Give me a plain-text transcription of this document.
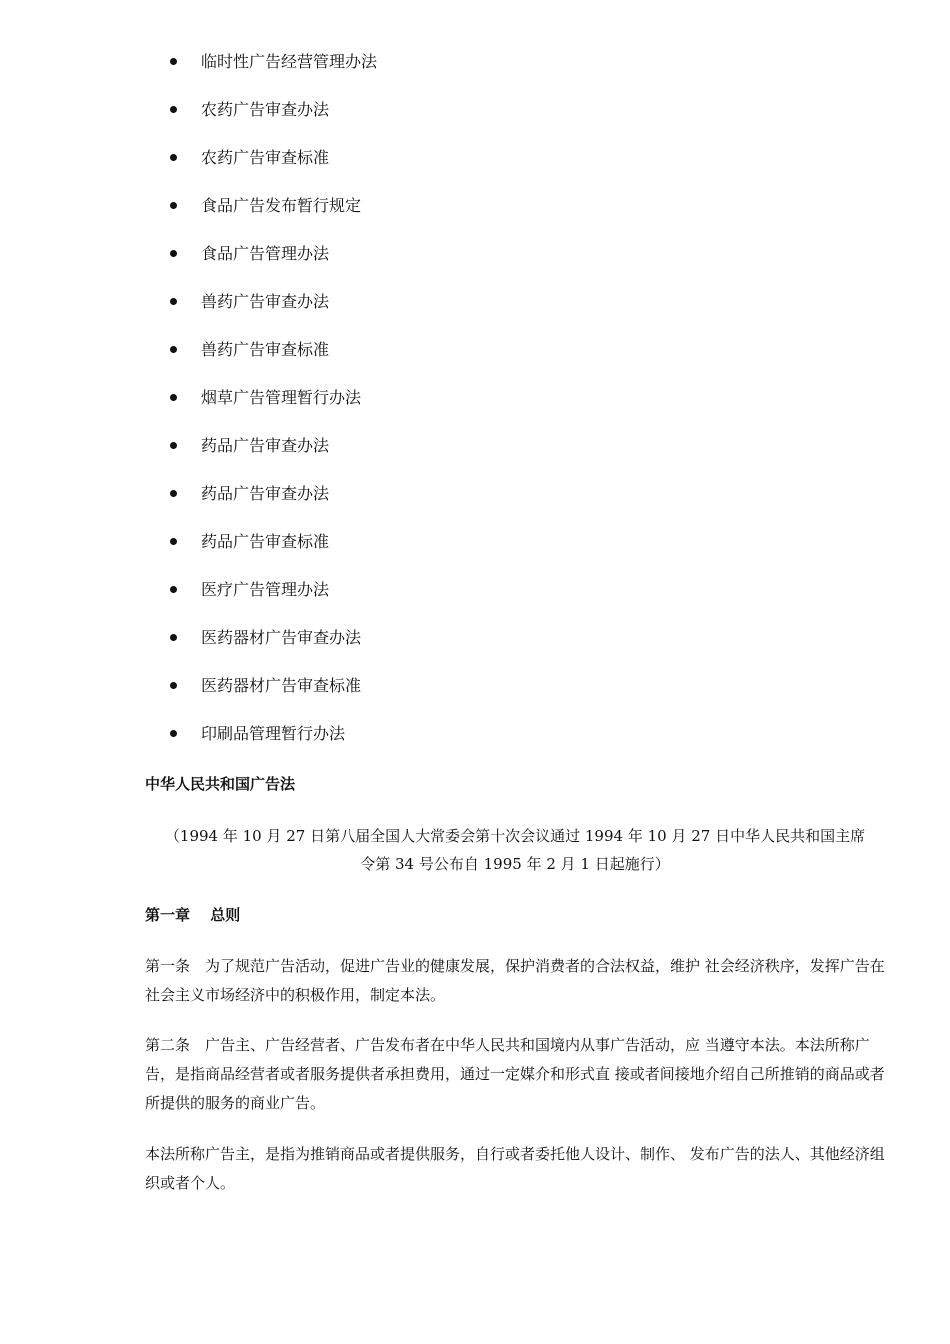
临时性广告经营管理办法
农药广告审查办法
农药广告审查标准
食品广告发布暂行规定
食品广告管理办法
兽药广告审查办法
兽药广告审查标准
烟草广告管理暂行办法
药品广告审查办法
药品广告审查办法
药品广告审查标准
医疗广告管理办法
医药器材广告审查办法
医药器材广告审查标准
印刷品管理暂行办法
中华人民共和国广告法
（1994 年 10 月 27 日第八届全国人大常委会第十次会议通过 1994 年 10 月 27 日中华人民共和国主席
令第 34 号公布自 1995 年 2 月 1 日起施行）
第一章　 总则
第一条　为了规范广告活动，促进广告业的健康发展，保护消费者的合法权益，维护 社会经济秩序，发挥广告在社会主义市场经济中的积极作用，制定本法。
第二条　广告主、广告经营者、广告发布者在中华人民共和国境内从事广告活动，应 当遵守本法。本法所称广告，是指商品经营者或者服务提供者承担费用，通过一定媒介和形式直 接或者间接地介绍自己所推销的商品或者所提供的服务的商业广告。
本法所称广告主，是指为推销商品或者提供服务，自行或者委托他人设计、制作、 发布广告的法人、其他经济组织或者个人。
